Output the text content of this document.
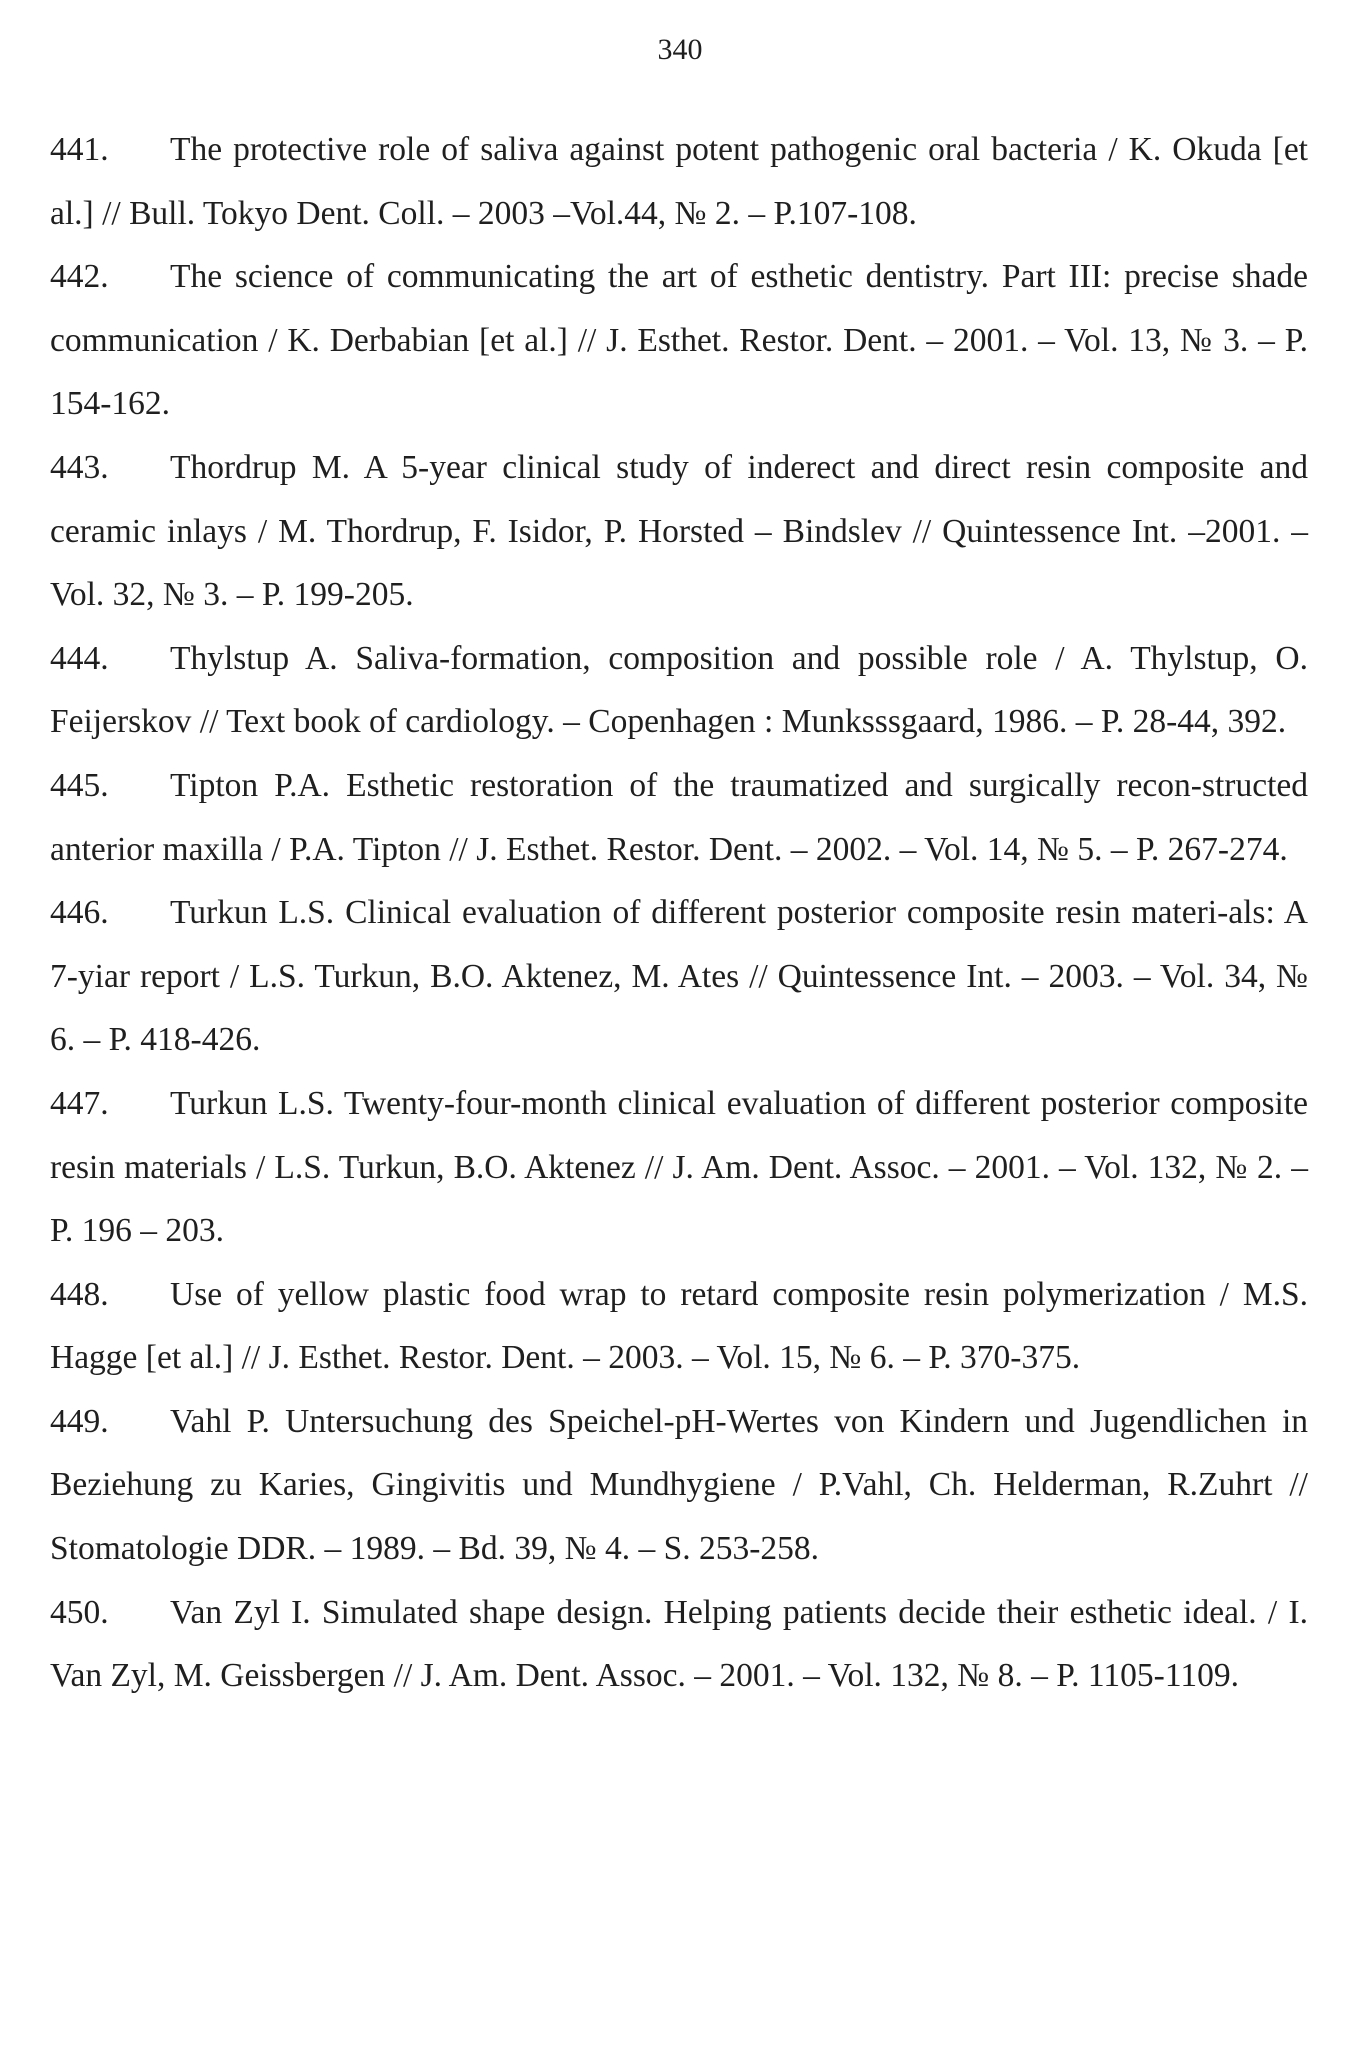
340
441. The protective role of saliva against potent pathogenic oral bacteria / K. Okuda [et al.] // Bull. Tokyo Dent. Coll. – 2003 –Vol.44, № 2. – P.107-108.
442. The science of communicating the art of esthetic dentistry. Part III: precise shade communication / K. Derbabian [et al.] // J. Esthet. Restor. Dent. – 2001. – Vol. 13, № 3. – P. 154-162.
443. Thordrup M. A 5-year clinical study of inderect and direct resin composite and ceramic inlays / M. Thordrup, F. Isidor, P. Horsted – Bindslev // Quintessence Int. –2001. – Vol. 32, № 3. – P. 199-205.
444. Thylstup A. Saliva-formation, composition and possible role / A. Thylstup, O. Feijerskov // Text book of cardiology. – Copenhagen : Munksssgaard, 1986. – P. 28-44, 392.
445. Tipton P.A. Esthetic restoration of the traumatized and surgically recon-structed anterior maxilla / P.A. Tipton // J. Esthet. Restor. Dent. – 2002. – Vol. 14, № 5. – P. 267-274.
446. Turkun L.S. Clinical evaluation of different posterior composite resin materi-als: A 7-yiar report / L.S. Turkun, B.O. Aktenez, M. Ates // Quintessence Int. – 2003. – Vol. 34, № 6. – P. 418-426.
447. Turkun L.S. Twenty-four-month clinical evaluation of different posterior composite resin materials / L.S. Turkun, B.O. Aktenez // J. Am. Dent. Assoc. – 2001. – Vol. 132, № 2. – P. 196 – 203.
448. Use of yellow plastic food wrap to retard composite resin polymerization / M.S. Hagge [et al.] // J. Esthet. Restor. Dent. – 2003. – Vol. 15, № 6. – P. 370-375.
449. Vahl P. Untersuchung des Speichel-pH-Wertes von Kindern und Jugendlichen in Beziehung zu Karies, Gingivitis und Mundhygiene / P.Vahl, Ch. Helderman, R.Zuhrt // Stomatologie DDR. – 1989. – Bd. 39, № 4. – S. 253-258.
450. Van Zyl I. Simulated shape design. Helping patients decide their esthetic ideal. / I. Van Zyl, M. Geissbergen // J. Am. Dent. Assoc. – 2001. – Vol. 132, № 8. – P. 1105-1109.
